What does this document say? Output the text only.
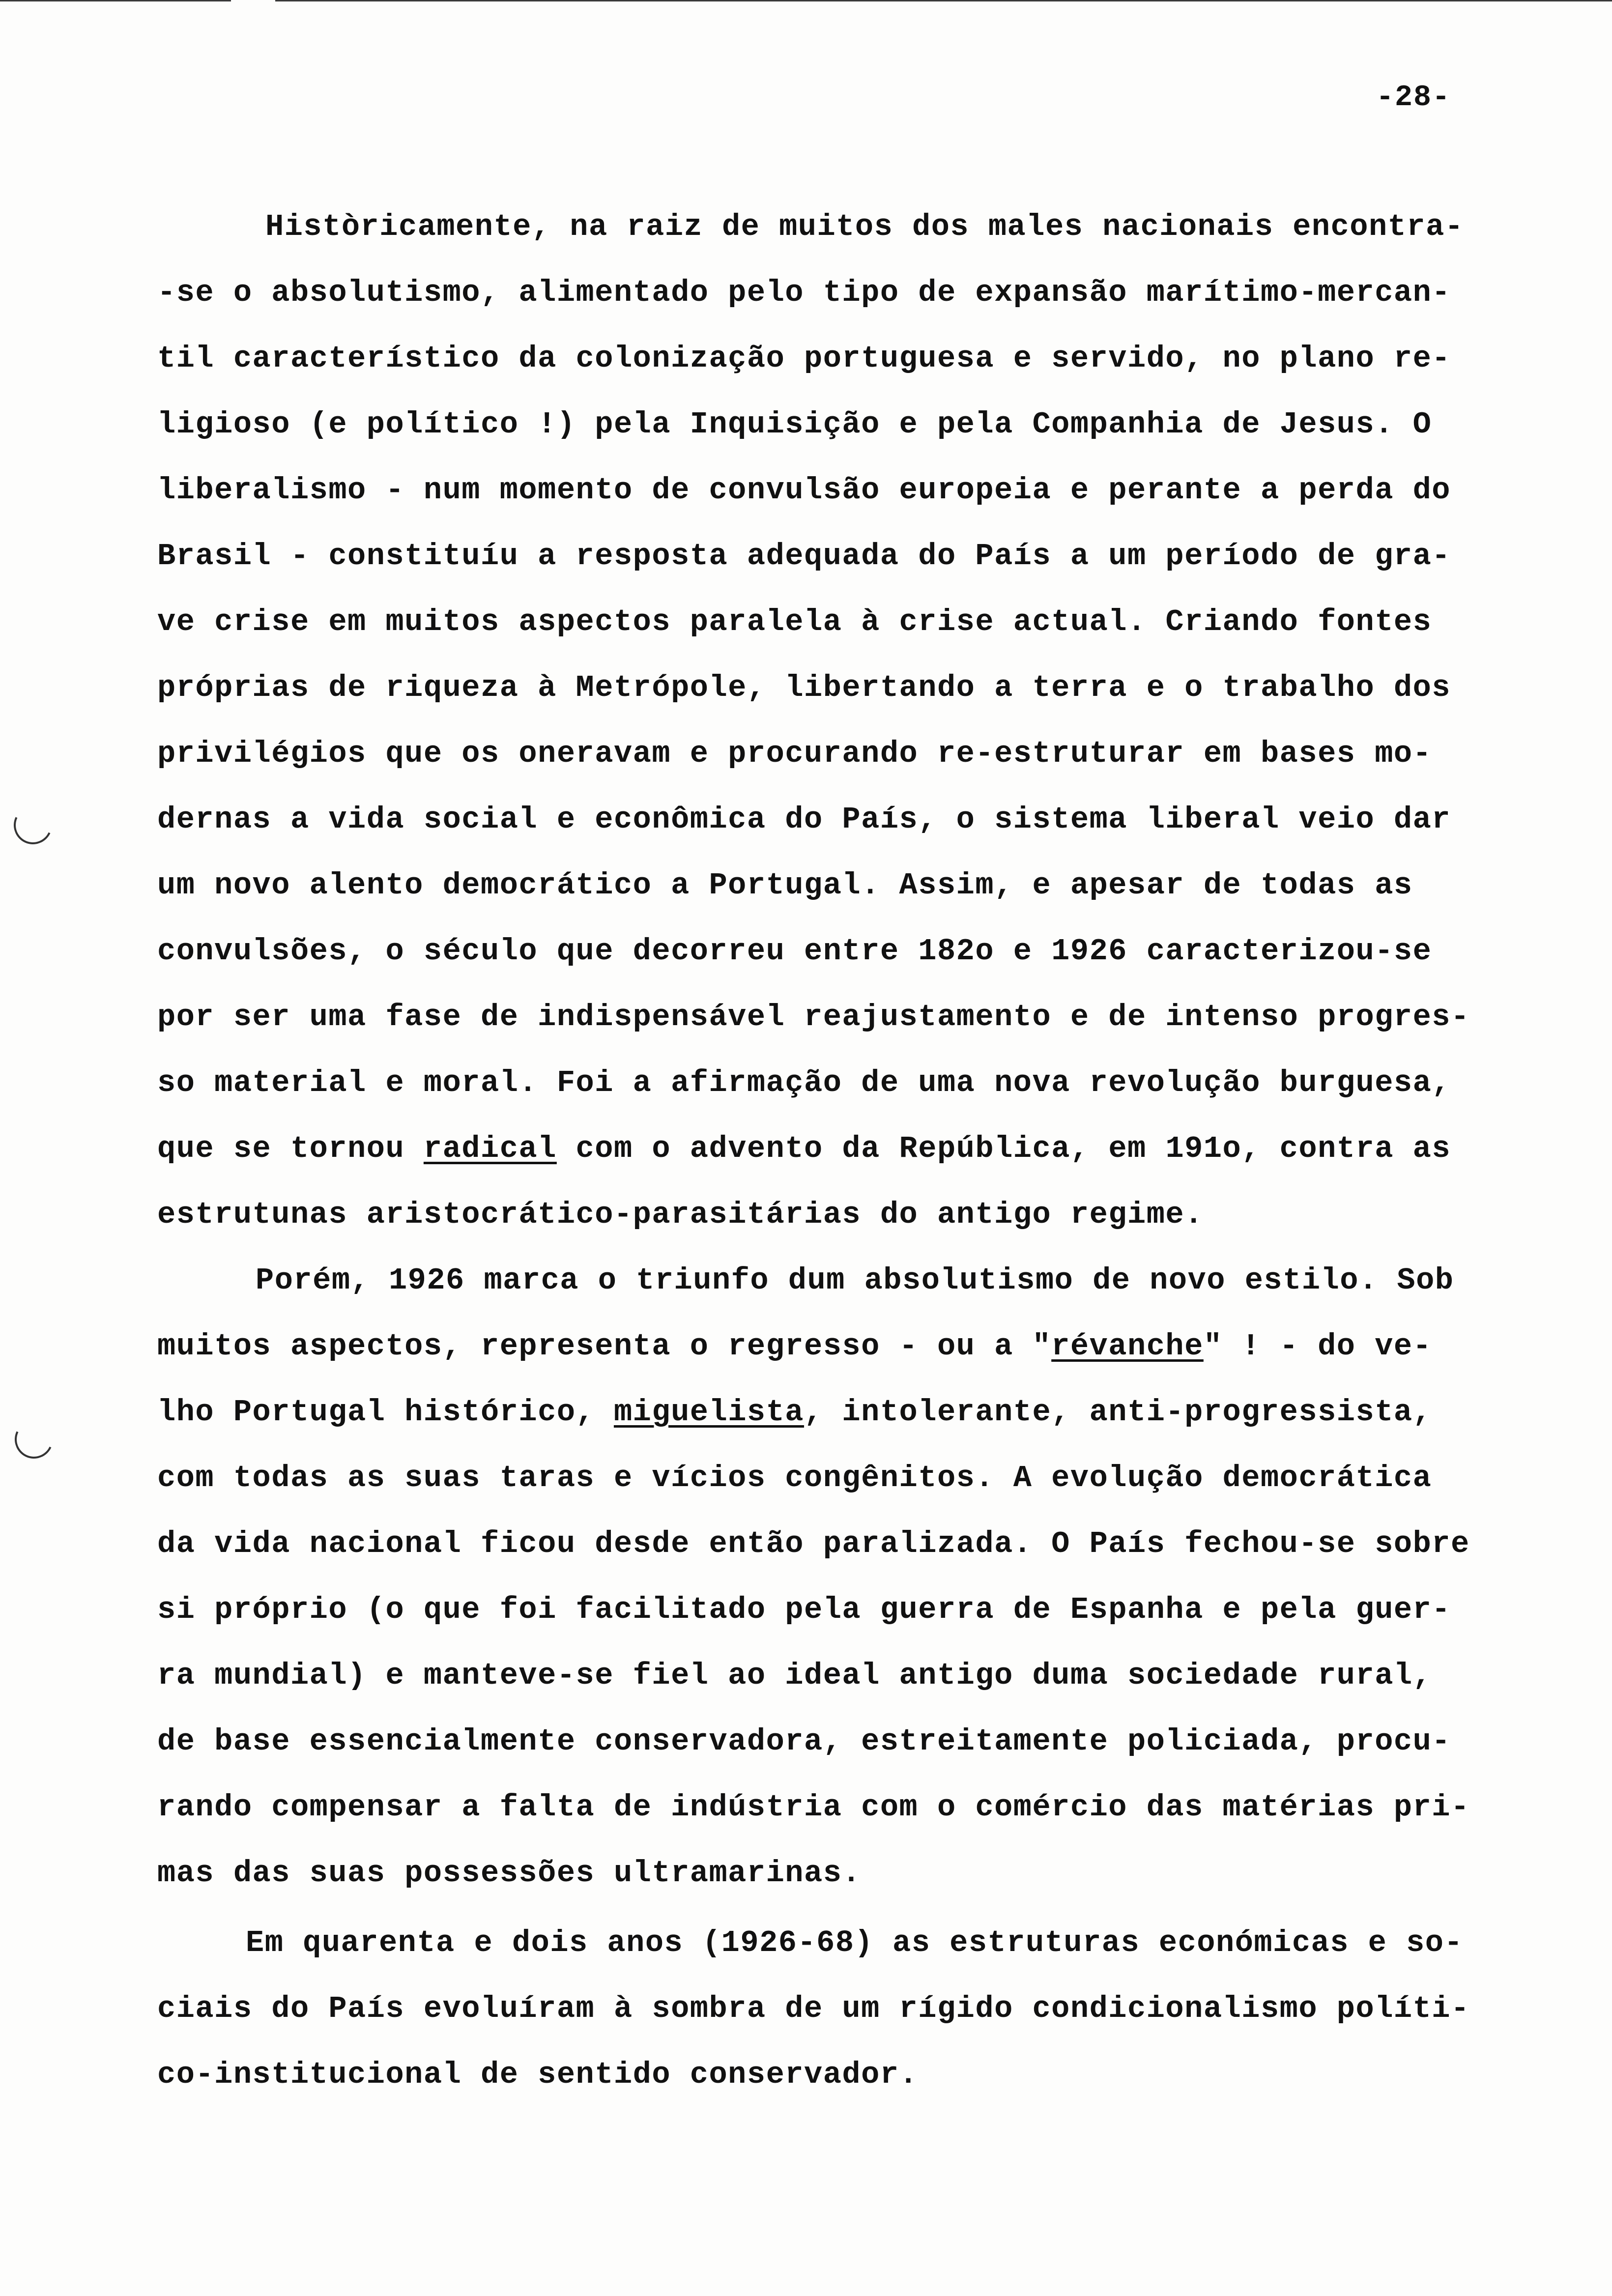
-28-
Històricamente, na raiz de muitos dos males nacionais encontra-
-se o absolutismo, alimentado pelo tipo de expansão marítimo-mercan-
til característico da colonização portuguesa e servido, no plano re-
ligioso (e político !) pela Inquisição e pela Companhia de Jesus. O
liberalismo - num momento de convulsão europeia e perante a perda do
Brasil - constituíu a resposta adequada do País a um período de gra-
ve crise em muitos aspectos paralela à crise actual. Criando fontes
próprias de riqueza à Metrópole, libertando a terra e o trabalho dos
privilégios que os oneravam e procurando re-estruturar em bases mo-
dernas a vida social e econômica do País, o sistema liberal veio dar
um novo alento democrático a Portugal. Assim, e apesar de todas as
convulsões, o século que decorreu entre 182o e 1926 caracterizou-se
por ser uma fase de indispensável reajustamento e de intenso progres-
so material e moral. Foi a afirmação de uma nova revolução burguesa,
que se tornou radical com o advento da República, em 191o, contra as
estrutunas aristocrático-parasitárias do antigo regime.
Porém, 1926 marca o triunfo dum absolutismo de novo estilo. Sob
muitos aspectos, representa o regresso - ou a "révanche" ! - do ve-
lho Portugal histórico, miguelista, intolerante, anti-progressista,
com todas as suas taras e vícios congênitos. A evolução democrática
da vida nacional ficou desde então paralizada. O País fechou-se sobre
si próprio (o que foi facilitado pela guerra de Espanha e pela guer-
ra mundial) e manteve-se fiel ao ideal antigo duma sociedade rural,
de base essencialmente conservadora, estreitamente policiada, procu-
rando compensar a falta de indústria com o comércio das matérias pri-
mas das suas possessões ultramarinas.
Em quarenta e dois anos (1926-68) as estruturas económicas e so-
ciais do País evoluíram à sombra de um rígido condicionalismo políti-
co-institucional de sentido conservador.
